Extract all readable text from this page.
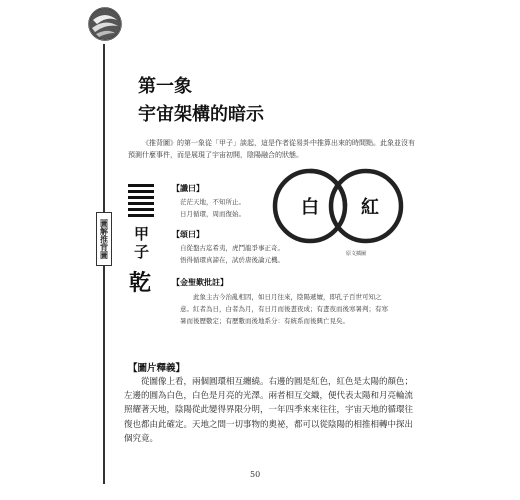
圖解推背圖
第一象
宇宙架構的暗示

《推背圖》的第一象從「甲子」談起，這是作者從易卦中推算出來的時間點。此象並沒有預測什麼事件，而是展現了宇宙初開，陰陽融合的狀態。

甲子
乾
【讖曰】
茫茫天地，不知所止。
日月循環，周而復始。
【頌曰】
自從盤古迄希夷，虎鬥龍爭事正奇。
悟得循環真諦在，試於唐後論元機。
【金聖歎批註】

此象主古今治亂相因，如日月往來，陰陽遞嬗，即孔子百世可知之意。紅者為日，白者為月，有日月而後晝夜成；有晝夜而後寒暑判；有寒暑而後歷數定；有歷數而後地系分：有統系而後興亡見矣。

白 紅
原文插圖
【圖片釋義】

從圖像上看，兩個圓環相互纏繞。右邊的圓是紅色，紅色是太陽的顏色；左邊的圓為白色，白色是月亮的光澤。兩者相互交織，便代表太陽和月亮輪流照耀著天地，陰陽從此變得界限分明，一年四季來來往往，宇宙天地的循環往復也都由此確定。天地之間一切事物的奧祕，都可以從陰陽的相推相轉中探出個究竟。

50
